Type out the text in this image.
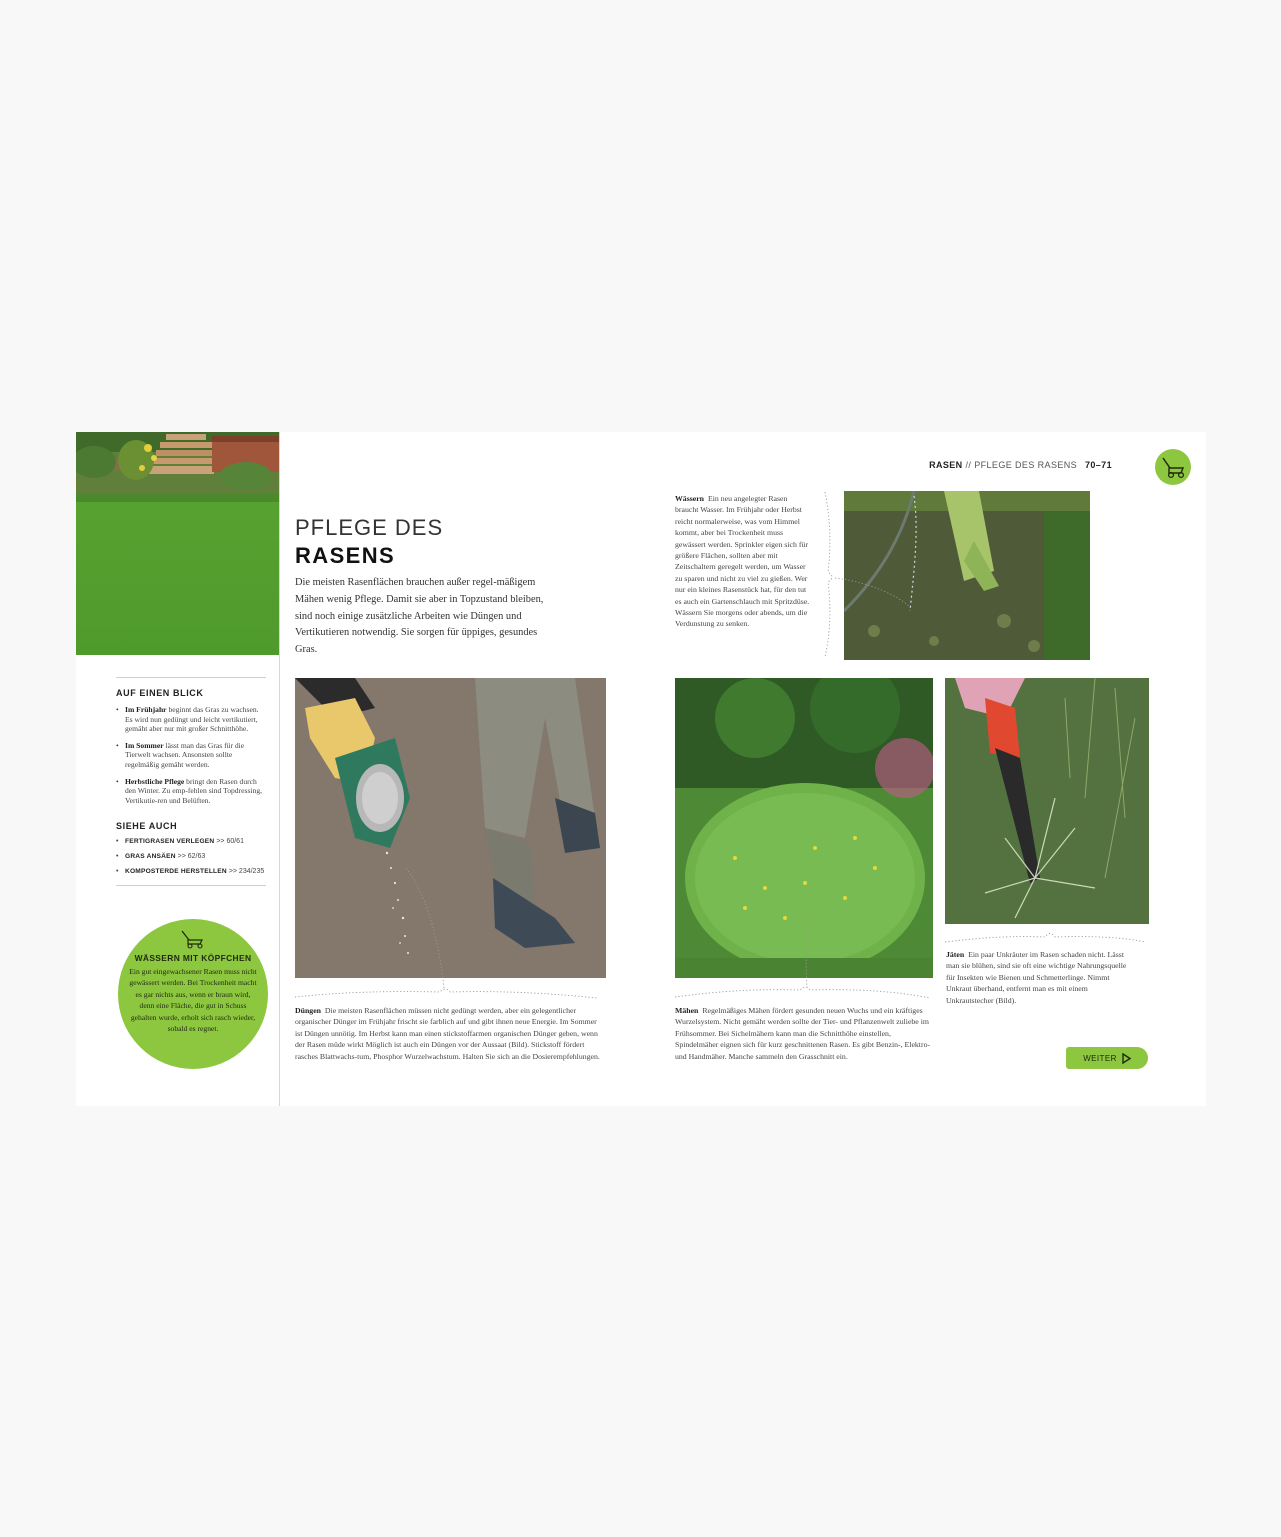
AUF EINEN BLICK
• Im Frühjahr beginnt das Gras zu wachsen. Es wird nun gedüngt und leicht vertikutiert, gemäht aber nur mit großer Schnitthöhe.
• Im Sommer lässt man das Gras für die Tierwelt wachsen. Ansonsten sollte regelmäßig gemäht werden.
• Herbstliche Pflege bringt den Rasen durch den Winter. Zu emp-fehlen sind Topdressing, Vertikutie-ren und Belüften.
SIEHE AUCH
• FERTIGRASEN VERLEGEN >> 60/61
• GRAS ANSÄEN >> 62/63
• KOMPOSTERDE HERSTELLEN >> 234/235
WÄSSERN MIT KÖPFCHEN
Ein gut eingewachsener Rasen muss nicht gewässert werden. Bei Trockenheit macht es gar nichts aus, wenn er braun wird, denn eine Fläche, die gut in Schuss gehalten wurde, erholt sich rasch wieder, sobald es regnet.
RASEN // PFLEGE DES RASENS 70–71
PFLEGE DES
RASENS
Die meisten Rasenflächen brauchen außer regel-mäßigem Mähen wenig Pflege. Damit sie aber in Topzustand bleiben, sind noch einige zusätzliche Arbeiten wie Düngen und Vertikutieren notwendig. Sie sorgen für üppiges, gesundes Gras.
Düngen Die meisten Rasenflächen müssen nicht gedüngt werden, aber ein gelegentlicher organischer Dünger im Frühjahr frischt sie farblich auf und gibt ihnen neue Energie. Im Sommer ist Düngen unnötig. Im Herbst kann man einen stickstoffarmen organischen Dünger geben, wenn der Rasen müde wirkt Möglich ist auch ein Düngen vor der Aussaat (Bild). Stickstoff fördert rasches Blattwachs-tum, Phosphor Wurzelwachstum. Halten Sie sich an die Dosierempfehlungen.
Wässern Ein neu angelegter Rasen braucht Wasser. Im Frühjahr oder Herbst reicht normalerweise, was vom Himmel kommt, aber bei Trockenheit muss gewässert werden. Sprinkler eigen sich für größere Flächen, sollten aber mit Zeitschaltern geregelt werden, um Wasser zu sparen und nicht zu viel zu gießen. Wer nur ein kleines Rasenstück hat, für den tut es auch ein Gartenschlauch mit Spritzdüse. Wässern Sie morgens oder abends, um die Verdunstung zu senken.
Mähen Regelmäßiges Mähen fördert gesunden neuen Wuchs und ein kräftiges Wurzelsystem. Nicht gemäht werden sollte der Tier- und Pflanzenwelt zuliebe im Frühsommer. Bei Sichelmähern kann man die Schnitthöhe einstellen, Spindelmäher eignen sich für kurz geschnittenen Rasen. Es gibt Benzin-, Elektro- und Handmäher. Manche sammeln den Grasschnitt ein.
Jäten Ein paar Unkräuter im Rasen schaden nicht. Lässt man sie blühen, sind sie oft eine wichtige Nahrungsquelle für Insekten wie Bienen und Schmetterlinge. Nimmt Unkraut überhand, entfernt man es mit einem Unkrautstecher (Bild).
WEITER
